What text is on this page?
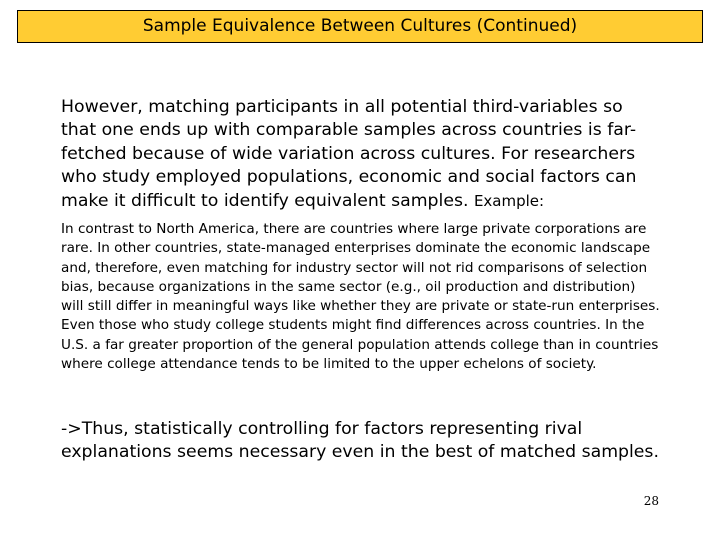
Sample Equivalence Between Cultures (Continued)

However, matching participants in all potential third-variables so that one ends up with comparable samples across countries is far-fetched because of wide variation across cultures. For researchers who study employed populations, economic and social factors can make it difficult to identify equivalent samples. Example:

In contrast to North America, there are countries where large private corporations are rare. In other countries, state-managed enterprises dominate the economic landscape and, therefore, even matching for industry sector will not rid comparisons of selection bias, because organizations in the same sector (e.g., oil production and distribution) will still differ in meaningful ways like whether they are private or state-run enterprises. Even those who study college students might find differences across countries. In the U.S. a far greater proportion of the general population attends college than in countries where college attendance tends to be limited to the upper echelons of society.

->Thus, statistically controlling for factors representing rival explanations seems necessary even in the best of matched samples.

28
